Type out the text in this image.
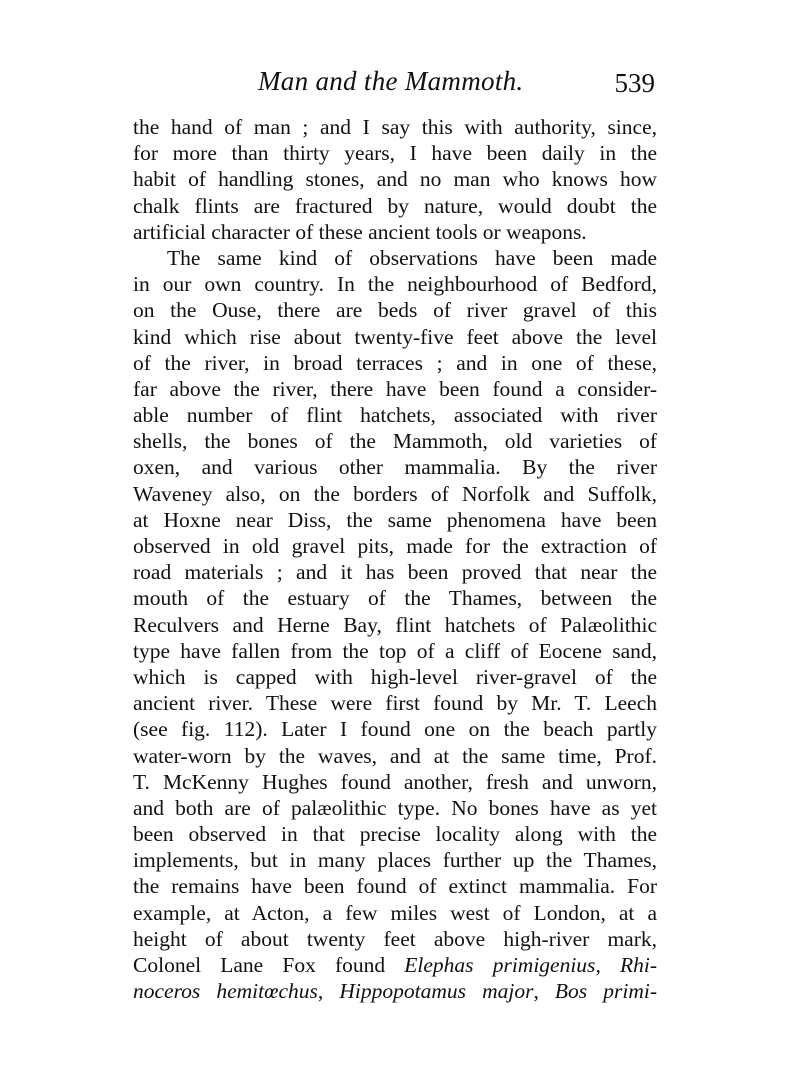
Man and the Mammoth.	539
the hand of man ; and I say this with authority, since,
for more than thirty years, I have been daily in the
habit of handling stones, and no man who knows how
chalk flints are fractured by nature, would doubt the
artificial character of these ancient tools or weapons.
The same kind of observations have been made
in our own country. In the neighbourhood of Bedford,
on the Ouse, there are beds of river gravel of this
kind which rise about twenty-five feet above the level
of the river, in broad terraces ; and in one of these,
far above the river, there have been found a consider-
able number of flint hatchets, associated with river
shells, the bones of the Mammoth, old varieties of
oxen, and various other mammalia. By the river
Waveney also, on the borders of Norfolk and Suffolk,
at Hoxne near Diss, the same phenomena have been
observed in old gravel pits, made for the extraction of
road materials ; and it has been proved that near the
mouth of the estuary of the Thames, between the
Reculvers and Herne Bay, flint hatchets of Palæolithic
type have fallen from the top of a cliff of Eocene sand,
which is capped with high-level river-gravel of the
ancient river. These were first found by Mr. T. Leech
(see fig. 112). Later I found one on the beach partly
water-worn by the waves, and at the same time, Prof.
T. McKenny Hughes found another, fresh and unworn,
and both are of palæolithic type. No bones have as yet
been observed in that precise locality along with the
implements, but in many places further up the Thames,
the remains have been found of extinct mammalia. For
example, at Acton, a few miles west of London, at a
height of about twenty feet above high-river mark,
Colonel Lane Fox found Elephas primigenius, Rhi-
noceros hemitœchus, Hippopotamus major, Bos primi-
